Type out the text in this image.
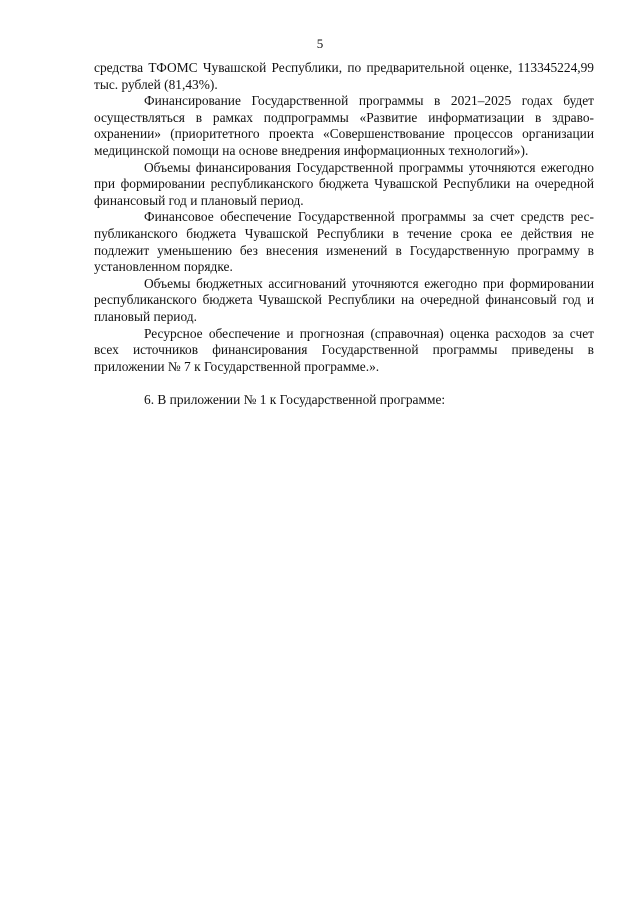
5

средства ТФОМС Чувашской Республики, по предварительной оценке, 113345224,99 тыс. рублей (81,43%).

Финансирование Государственной программы в 2021–2025 годах будет осуществляться в рамках подпрограммы «Развитие информатизации в здравоохранении» (приоритетного проекта «Совершенствование процессов организации медицинской помощи на основе внедрения информационных технологий»).

Объемы финансирования Государственной программы уточняются ежегодно при формировании республиканского бюджета Чувашской Республики на очередной финансовый год и плановый период.

Финансовое обеспечение Государственной программы за счет средств республиканского бюджета Чувашской Республики в течение срока ее действия не подлежит уменьшению без внесения изменений в Государственную программу в установленном порядке.

Объемы бюджетных ассигнований уточняются ежегодно при формировании республиканского бюджета Чувашской Республики на очередной финансовый год и плановый период.

Ресурсное обеспечение и прогнозная (справочная) оценка расходов за счет всех источников финансирования Государственной программы приведены в приложении № 7 к Государственной программе.».

6. В приложении № 1 к Государственной программе:
